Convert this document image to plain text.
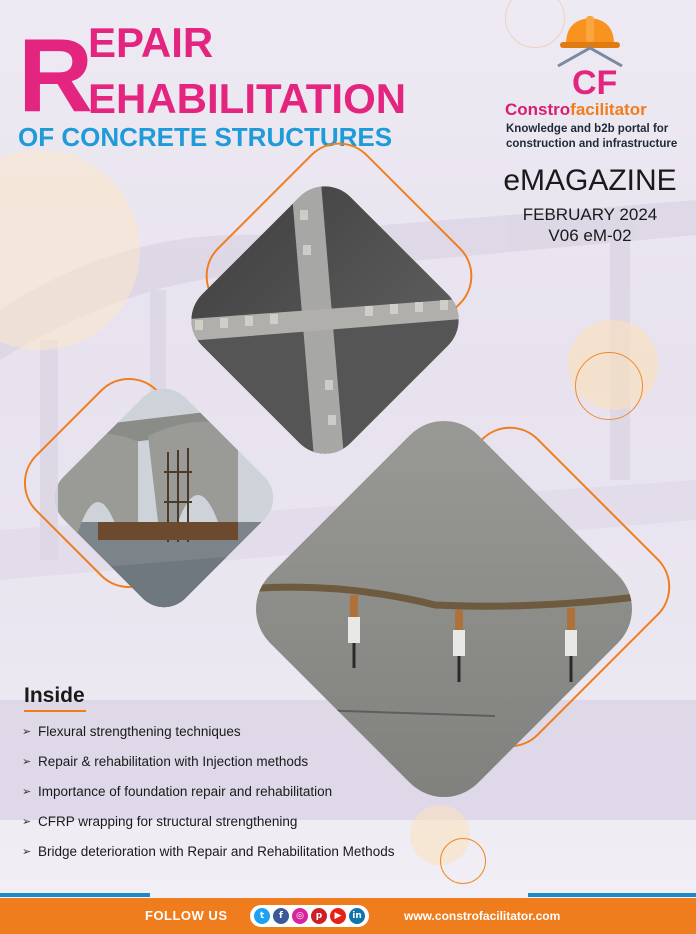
R
EPAIR
EHABILITATION
OF CONCRETE STRUCTURES
CF
Constrofacilitator
Knowledge and b2b portal for construction and infrastructure
eMAGAZINE
FEBRUARY 2024
V06 eM-02
Inside
➢ Flexural strengthening techniques
➢ Repair & rehabilitation with Injection methods
➢ Importance of foundation repair and rehabilitation
➢ CFRP wrapping for structural strengthening
➢ Bridge deterioration with Repair and Rehabilitation Methods
FOLLOW US	t	f	◎	p	▶	in	www.constrofacilitator.com
